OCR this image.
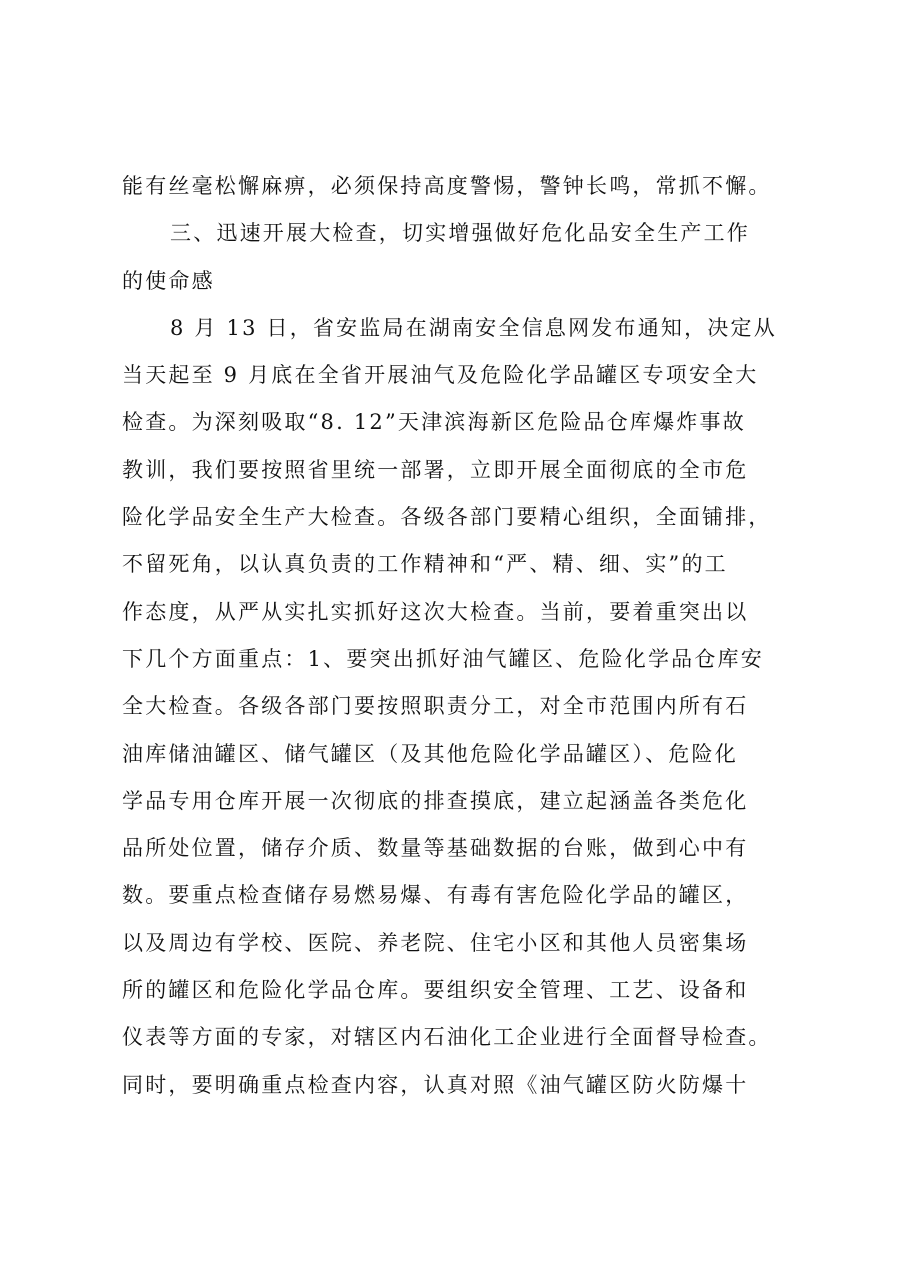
能有丝毫松懈麻痹，必须保持高度警惕，警钟长鸣，常抓不懈。
三、迅速开展大检查，切实增强做好危化品安全生产工作
的使命感
8 月 13 日，省安监局在湖南安全信息网发布通知，决定从
当天起至 9 月底在全省开展油气及危险化学品罐区专项安全大
检查。为深刻吸取“8. 12”天津滨海新区危险品仓库爆炸事故
教训，我们要按照省里统一部署，立即开展全面彻底的全市危
险化学品安全生产大检查。各级各部门要精心组织，全面铺排，
不留死角，以认真负责的工作精神和“严、精、细、实”的工
作态度，从严从实扎实抓好这次大检查。当前，要着重突出以
下几个方面重点：1、要突出抓好油气罐区、危险化学品仓库安
全大检查。各级各部门要按照职责分工，对全市范围内所有石
油库储油罐区、储气罐区（及其他危险化学品罐区）、危险化
学品专用仓库开展一次彻底的排查摸底，建立起涵盖各类危化
品所处位置，储存介质、数量等基础数据的台账，做到心中有
数。要重点检查储存易燃易爆、有毒有害危险化学品的罐区，
以及周边有学校、医院、养老院、住宅小区和其他人员密集场
所的罐区和危险化学品仓库。要组织安全管理、工艺、设备和
仪表等方面的专家，对辖区内石油化工企业进行全面督导检查。
同时，要明确重点检查内容，认真对照《油气罐区防火防爆十
